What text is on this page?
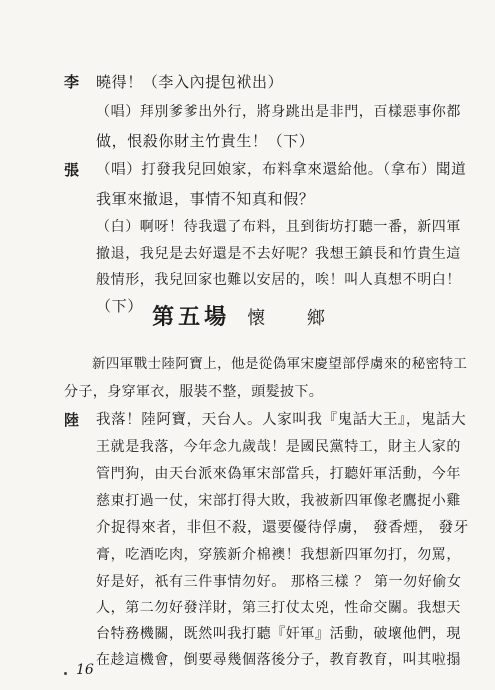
李 曉得！（李入內提包袱出）
（唱）拜別爹爹出外行，將身跳出是非門，百樣惡事你都
做，恨殺你財主竹貴生！（下）
張 （唱）打發我兒回娘家，布料拿來還給他。（拿布）聞道
我軍來撤退，事情不知真和假？
（白）啊呀！待我還了布料，且到街坊打聽一番，新四軍
撤退，我兒是去好還是不去好呢？我想王鎮長和竹貴生這
般情形，我兒回家也難以安居的，唉！叫人真想不明白！
（下） 第五場 懷 鄉
新四軍戰士陸阿寶上，他是從偽軍宋慶望部俘虜來的秘密特工
分子，身穿軍衣，服裝不整，頭髮披下。
陸 我落！陸阿寶，天台人。人家叫我『鬼話大王』，鬼話大
王就是我落，今年念九歲哉！是國民黨特工，財主人家的
管門狗，由天台派來偽軍宋部當兵，打聽奸軍活動，今年
慈東打過一仗，宋部打得大敗，我被新四軍像老鷹捉小雞
介捉得來者，非但不殺，還要優待俘虜， 發香煙， 發牙
膏，吃酒吃肉，穿簇新介棉襖！我想新四軍勿打，勿罵，
好是好，祇有三件事情勿好。 那格三樣 ？ 第一勿好偷女
人，第二勿好發洋財，第三打仗太兇，性命交關。我想天
台特務機關，既然叫我打聽『奸軍』活動，破壞他們，現
在趁這機會，倒要尋幾個落後分子，教育教育，叫其啦搨
16
